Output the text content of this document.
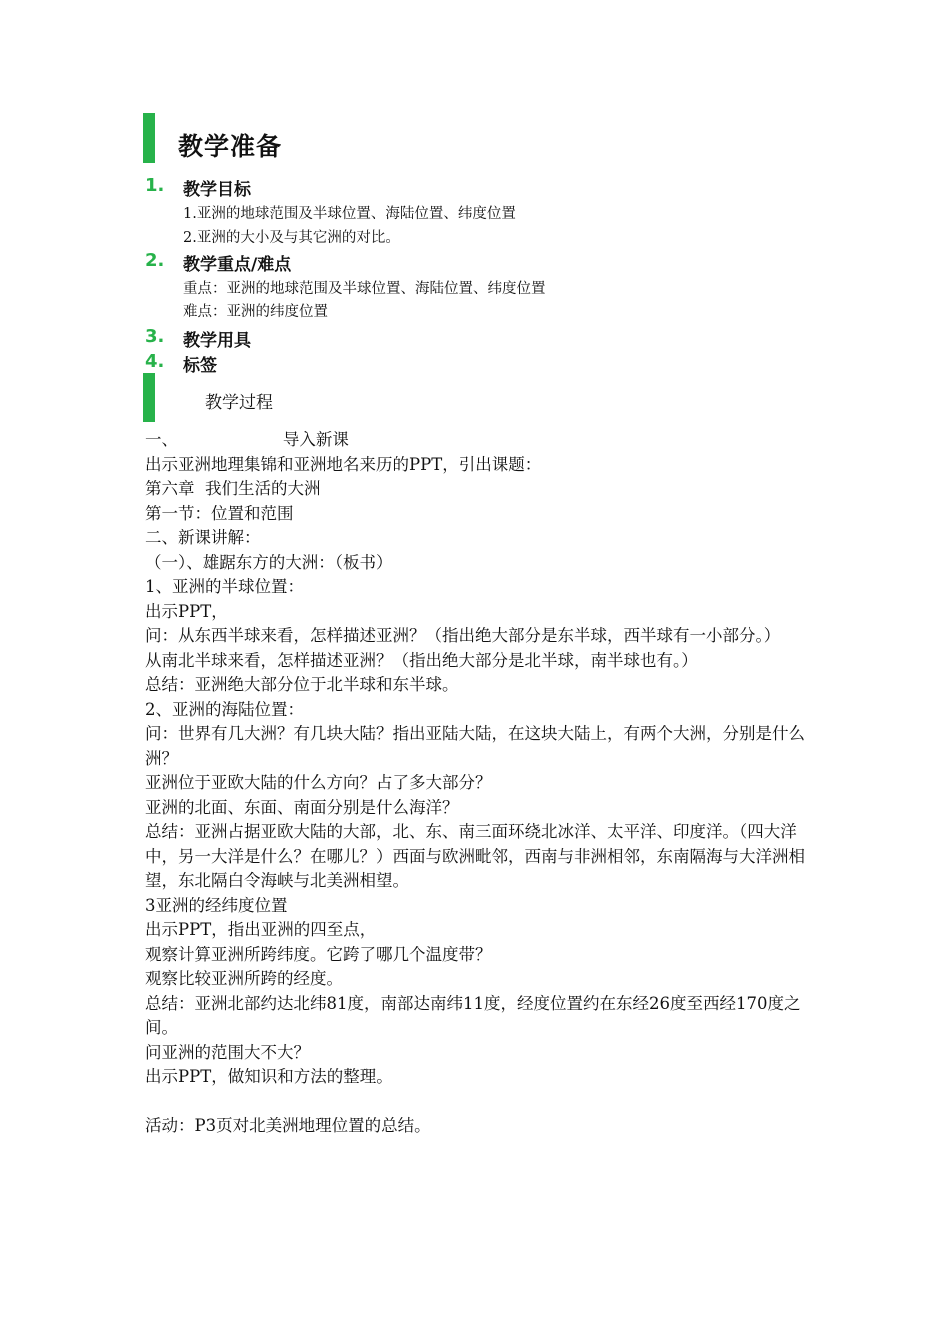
教学准备
1. 教学目标
1.亚洲的地球范围及半球位置、海陆位置、纬度位置
2.亚洲的大小及与其它洲的对比。
2. 教学重点/难点
重点：亚洲的地球范围及半球位置、海陆位置、纬度位置
难点：亚洲的纬度位置
3. 教学用具
4. 标签
教学过程
一、                    导入新课
出示亚洲地理集锦和亚洲地名来历的PPT，引出课题：
第六章  我们生活的大洲
第一节：位置和范围
二、新课讲解：
（一）、雄踞东方的大洲：（板书）
1、亚洲的半球位置：
出示PPT，
问：从东西半球来看，怎样描述亚洲？（指出绝大部分是东半球，西半球有一小部分。）
从南北半球来看，怎样描述亚洲？（指出绝大部分是北半球，南半球也有。）
总结：亚洲绝大部分位于北半球和东半球。
2、亚洲的海陆位置：
问：世界有几大洲？有几块大陆？指出亚陆大陆，在这块大陆上，有两个大洲，分别是什么洲？
亚洲位于亚欧大陆的什么方向？占了多大部分？
亚洲的北面、东面、南面分别是什么海洋？
总结：亚洲占据亚欧大陆的大部，北、东、南三面环绕北冰洋、太平洋、印度洋。（四大洋中，另一大洋是什么？在哪儿？）西面与欧洲毗邻，西南与非洲相邻，东南隔海与大洋洲相望，东北隔白令海峡与北美洲相望。
3亚洲的经纬度位置
出示PPT，指出亚洲的四至点，
观察计算亚洲所跨纬度。它跨了哪几个温度带？
观察比较亚洲所跨的经度。
总结：亚洲北部约达北纬81度，南部达南纬11度，经度位置约在东经26度至西经170度之间。
问亚洲的范围大不大？
出示PPT，做知识和方法的整理。
活动：P3页对北美洲地理位置的总结。
